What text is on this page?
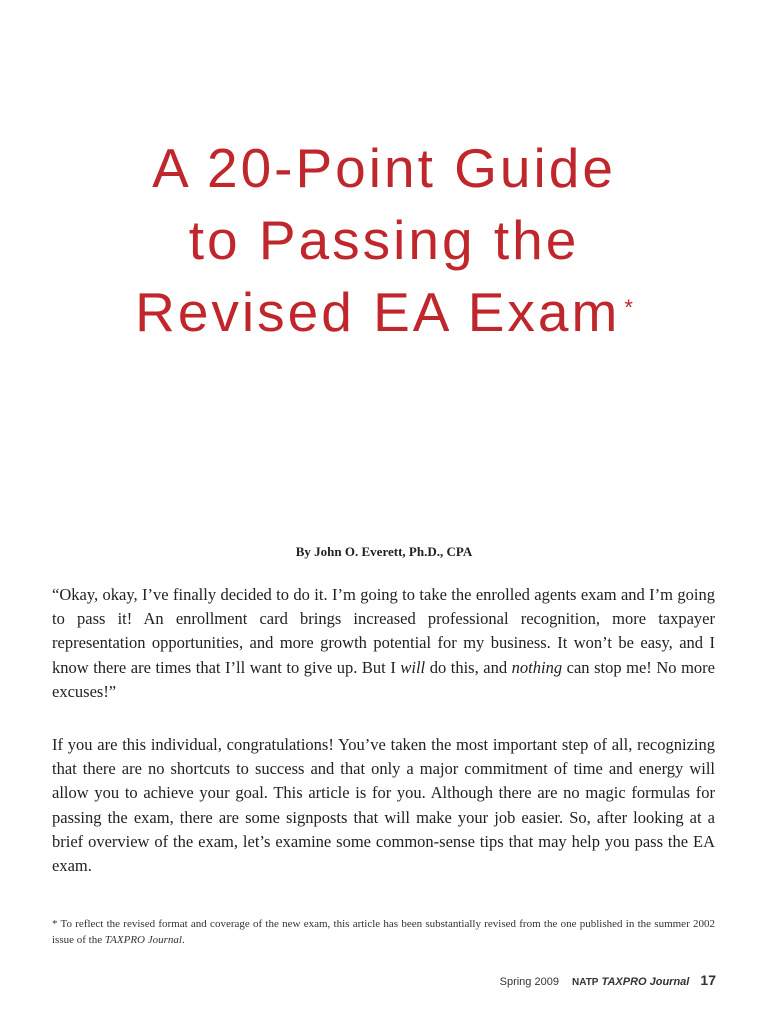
A 20-Point Guide
to Passing the
Revised EA Exam *
By John O. Everett, Ph.D., CPA

“Okay, okay, I’ve finally decided to do it. I’m going to take the enrolled agents exam and I’m going to pass it! An enrollment card brings increased professional recognition, more taxpayer representation opportunities, and more growth potential for my business. It won’t be easy, and I know there are times that I’ll want to give up. But I will do this, and nothing can stop me! No more excuses!”

If you are this individual, congratulations! You’ve taken the most important step of all, recognizing that there are no shortcuts to success and that only a major commitment of time and energy will allow you to achieve your goal. This article is for you. Although there are no magic formulas for passing the exam, there are some signposts that will make your job easier. So, after looking at a brief overview of the exam, let’s examine some common-sense tips that may help you pass the EA exam.

* To reflect the revised format and coverage of the new exam, this article has been substantially revised from the one published in the summer 2002 issue of the TAXPRO Journal.
Spring 2009 NATP TAXPRO Journal 17
